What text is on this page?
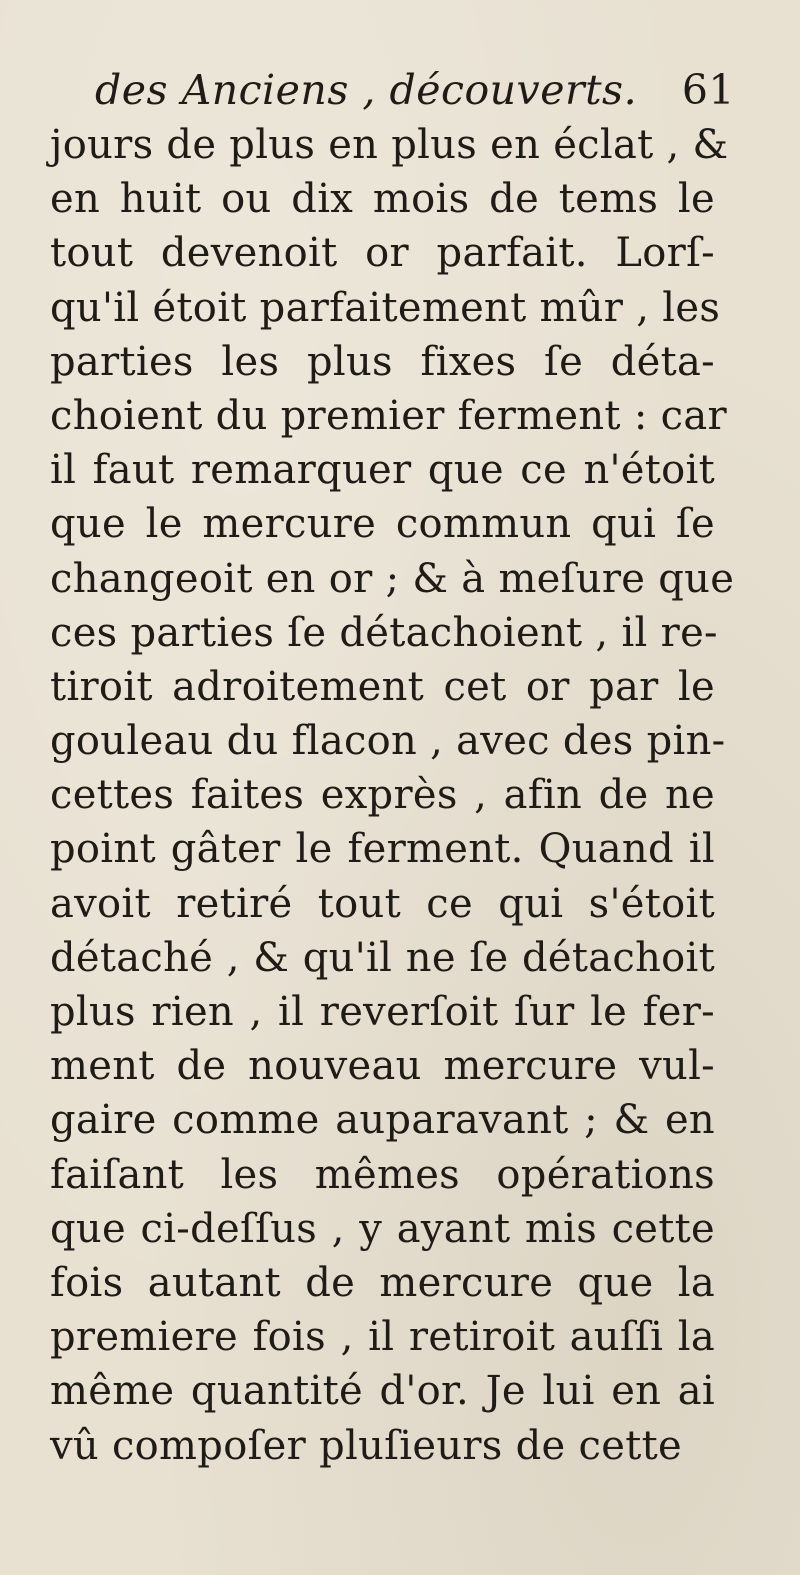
des Anciens , découverts. 61
jours de plus en plus en éclat , &
en huit ou dix mois de tems le
tout devenoit or parfait. Lorſ-
qu'il étoit parfaitement mûr , les
parties les plus fixes ſe déta-
choient du premier ferment : car
il faut remarquer que ce n'étoit
que le mercure commun qui ſe
changeoit en or ; & à meſure que
ces parties ſe détachoient , il re-
tiroit adroitement cet or par le
gouleau du flacon , avec des pin-
cettes faites exprès , afin de ne
point gâter le ferment. Quand il
avoit retiré tout ce qui s'étoit
détaché , & qu'il ne ſe détachoit
plus rien , il reverſoit ſur le fer-
ment de nouveau mercure vul-
gaire comme auparavant ; & en
faiſant les mêmes opérations
que ci-deſſus , y ayant mis cette
fois autant de mercure que la
premiere fois , il retiroit auſſi la
même quantité d'or. Je lui en ai
vû compoſer pluſieurs de cette
